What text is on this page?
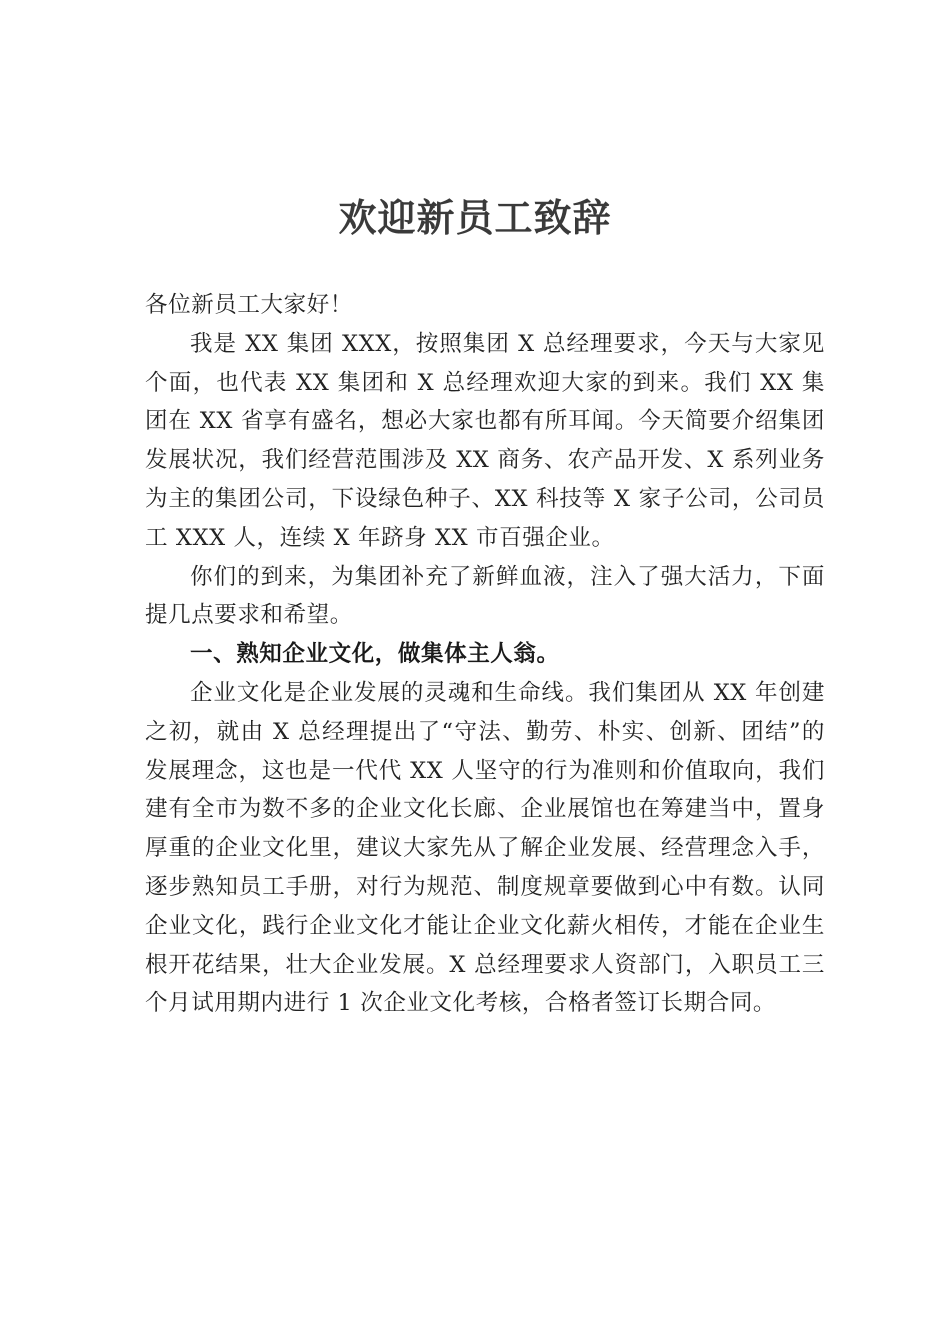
欢迎新员工致辞

各位新员工大家好！

我是 XX 集团 XXX，按照集团 X 总经理要求，今天与大家见个面，也代表 XX 集团和 X 总经理欢迎大家的到来。我们 XX 集团在 XX 省享有盛名，想必大家也都有所耳闻。今天简要介绍集团发展状况，我们经营范围涉及 XX 商务、农产品开发、X 系列业务为主的集团公司，下设绿色种子、XX 科技等 X 家子公司，公司员工 XXX 人，连续 X 年跻身 XX 市百强企业。

你们的到来，为集团补充了新鲜血液，注入了强大活力，下面提几点要求和希望。

一、熟知企业文化，做集体主人翁。

企业文化是企业发展的灵魂和生命线。我们集团从 XX 年创建之初，就由 X 总经理提出了“守法、勤劳、朴实、创新、团结”的发展理念，这也是一代代 XX 人坚守的行为准则和价值取向，我们建有全市为数不多的企业文化长廊、企业展馆也在筹建当中，置身厚重的企业文化里，建议大家先从了解企业发展、经营理念入手，逐步熟知员工手册，对行为规范、制度规章要做到心中有数。认同企业文化，践行企业文化才能让企业文化薪火相传，才能在企业生根开花结果，壮大企业发展。X 总经理要求人资部门，入职员工三个月试用期内进行 1 次企业文化考核，合格者签订长期合同。
